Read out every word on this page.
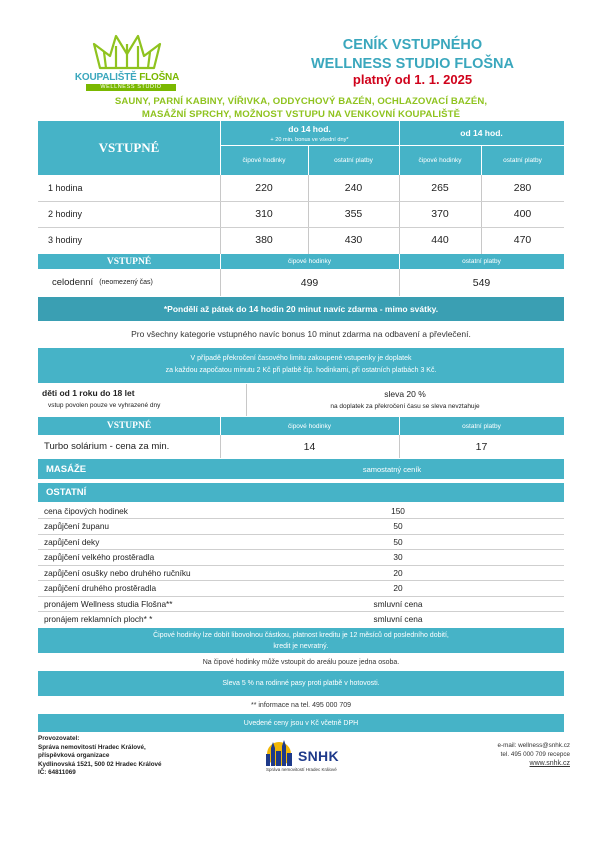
KOUPALIŠTĚ FLOŠNA
WELLNESS STUDIO
CENÍK VSTUPNÉHO
WELLNESS STUDIO FLOŠNA
platný od 1. 1. 2025
SAUNY, PARNÍ KABINY, VÍŘIVKA, ODDYCHOVÝ BAZÉN, OCHLAZOVACÍ BAZÉN,
MASÁŽNÍ SPRCHY, MOŽNOST VSTUPU NA VENKOVNÍ KOUPALIŠTĚ
VSTUPNÉ
do 14 hod.
+ 20 min. bonus ve všední dny*
od 14 hod.
čipové hodinky	ostatní platby	čipové hodinky	ostatní platby
1 hodina	220	240	265	280
2 hodiny	310	355	370	400
3 hodiny	380	430	440	470
VSTUPNÉ	čipové hodinky	ostatní platby
celodenní (neomezený čas)	499	549
*Pondělí až pátek do 14 hodin 20 minut navíc zdarma - mimo svátky.
Pro všechny kategorie vstupného navíc bonus 10 minut zdarma na odbavení a převlečení.
V případě překročení časového limitu zakoupené vstupenky je doplatek
za každou započatou minutu 2 Kč při platbě čip. hodinkami, při ostatních platbách 3 Kč.
děti od 1 roku do 18 let
vstup povolen pouze ve vyhrazené dny
sleva 20 %
na doplatek za překročení času se sleva nevztahuje
VSTUPNÉ	čipové hodinky	ostatní platby
Turbo solárium - cena za min.	14	17
MASÁŽE	samostatný ceník
OSTATNÍ
cena čipových hodinek	150
zapůjčení županu	50
zapůjčení deky	50
zapůjčení velkého prostěradla	30
zapůjčení osušky nebo druhého ručníku	20
zapůjčení druhého prostěradla	20
pronájem Wellness studia Flošna**	smluvní cena
pronájem reklamních ploch* *	smluvní cena
Čipové hodinky lze dobít libovolnou částkou, platnost kreditu je 12 měsíců od posledního dobití,
kredit je nevratný.
Na čipové hodinky může vstoupit do areálu pouze jedna osoba.
Sleva 5 % na rodinné pasy proti platbě v hotovosti.
** informace na tel. 495 000 709
Uvedené ceny jsou v Kč včetně DPH
Provozovatel:
Správa nemovitostí Hradec Králové,
příspěvková organizace
Kydlinovská 1521, 500 02 Hradec Králové
IČ: 64811069
SNHK
Správa nemovitostí Hradec Králové
e-mail: wellness@snhk.cz
tel. 495 000 709 recepce
www.snhk.cz
